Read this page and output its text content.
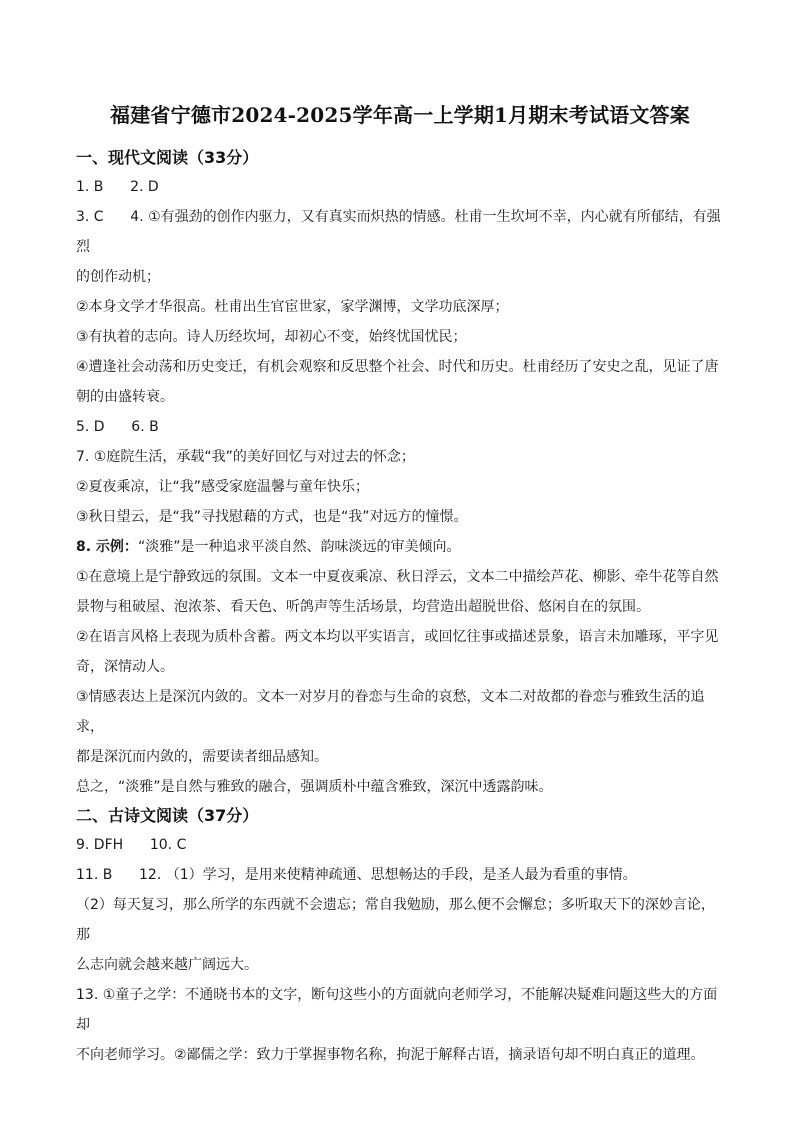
福建省宁德市2024-2025学年高一上学期1月期末考试语文答案
一、现代文阅读（33分）

1. B      2. D

3. C      4. ①有强劲的创作内驱力，又有真实而炽热的情感。杜甫一生坎坷不幸，内心就有所郁结，有强烈

的创作动机；

②本身文学才华很高。杜甫出生官宦世家，家学渊博，文学功底深厚；

③有执着的志向。诗人历经坎坷，却初心不变，始终忧国忧民；

④遭逢社会动荡和历史变迁，有机会观察和反思整个社会、时代和历史。杜甫经历了安史之乱，见证了唐

朝的由盛转衰。

5. D      6. B

7. ①庭院生活，承载“我”的美好回忆与对过去的怀念；

②夏夜乘凉，让“我”感受家庭温馨与童年快乐；

③秋日望云，是“我”寻找慰藉的方式，也是“我”对远方的憧憬。

8. 示例：“淡雅”是一种追求平淡自然、韵味淡远的审美倾向。

①在意境上是宁静致远的氛围。文本一中夏夜乘凉、秋日浮云，文本二中描绘芦花、柳影、牵牛花等自然

景物与租破屋、泡浓茶、看天色、听鸽声等生活场景，均营造出超脱世俗、悠闲自在的氛围。

②在语言风格上表现为质朴含蓄。两文本均以平实语言，或回忆往事或描述景象，语言未加雕琢，平字见

奇，深情动人。

③情感表达上是深沉内敛的。文本一对岁月的眷恋与生命的哀愁，文本二对故都的眷恋与雅致生活的追求，

都是深沉而内敛的，需要读者细品感知。

总之，“淡雅”是自然与雅致的融合，强调质朴中蕴含雅致，深沉中透露韵味。

二、古诗文阅读（37分）

9. DFH      10. C

11. B      12. （1）学习，是用来使精神疏通、思想畅达的手段，是圣人最为看重的事情。

（2）每天复习，那么所学的东西就不会遗忘；常自我勉励，那么便不会懈怠；多听取天下的深妙言论，那

么志向就会越来越广阔远大。

13. ①童子之学：不通晓书本的文字，断句这些小的方面就向老师学习，不能解决疑难问题这些大的方面却

不向老师学习。②鄙儒之学：致力于掌握事物名称，拘泥于解释古语，摘录语句却不明白真正的道理。
